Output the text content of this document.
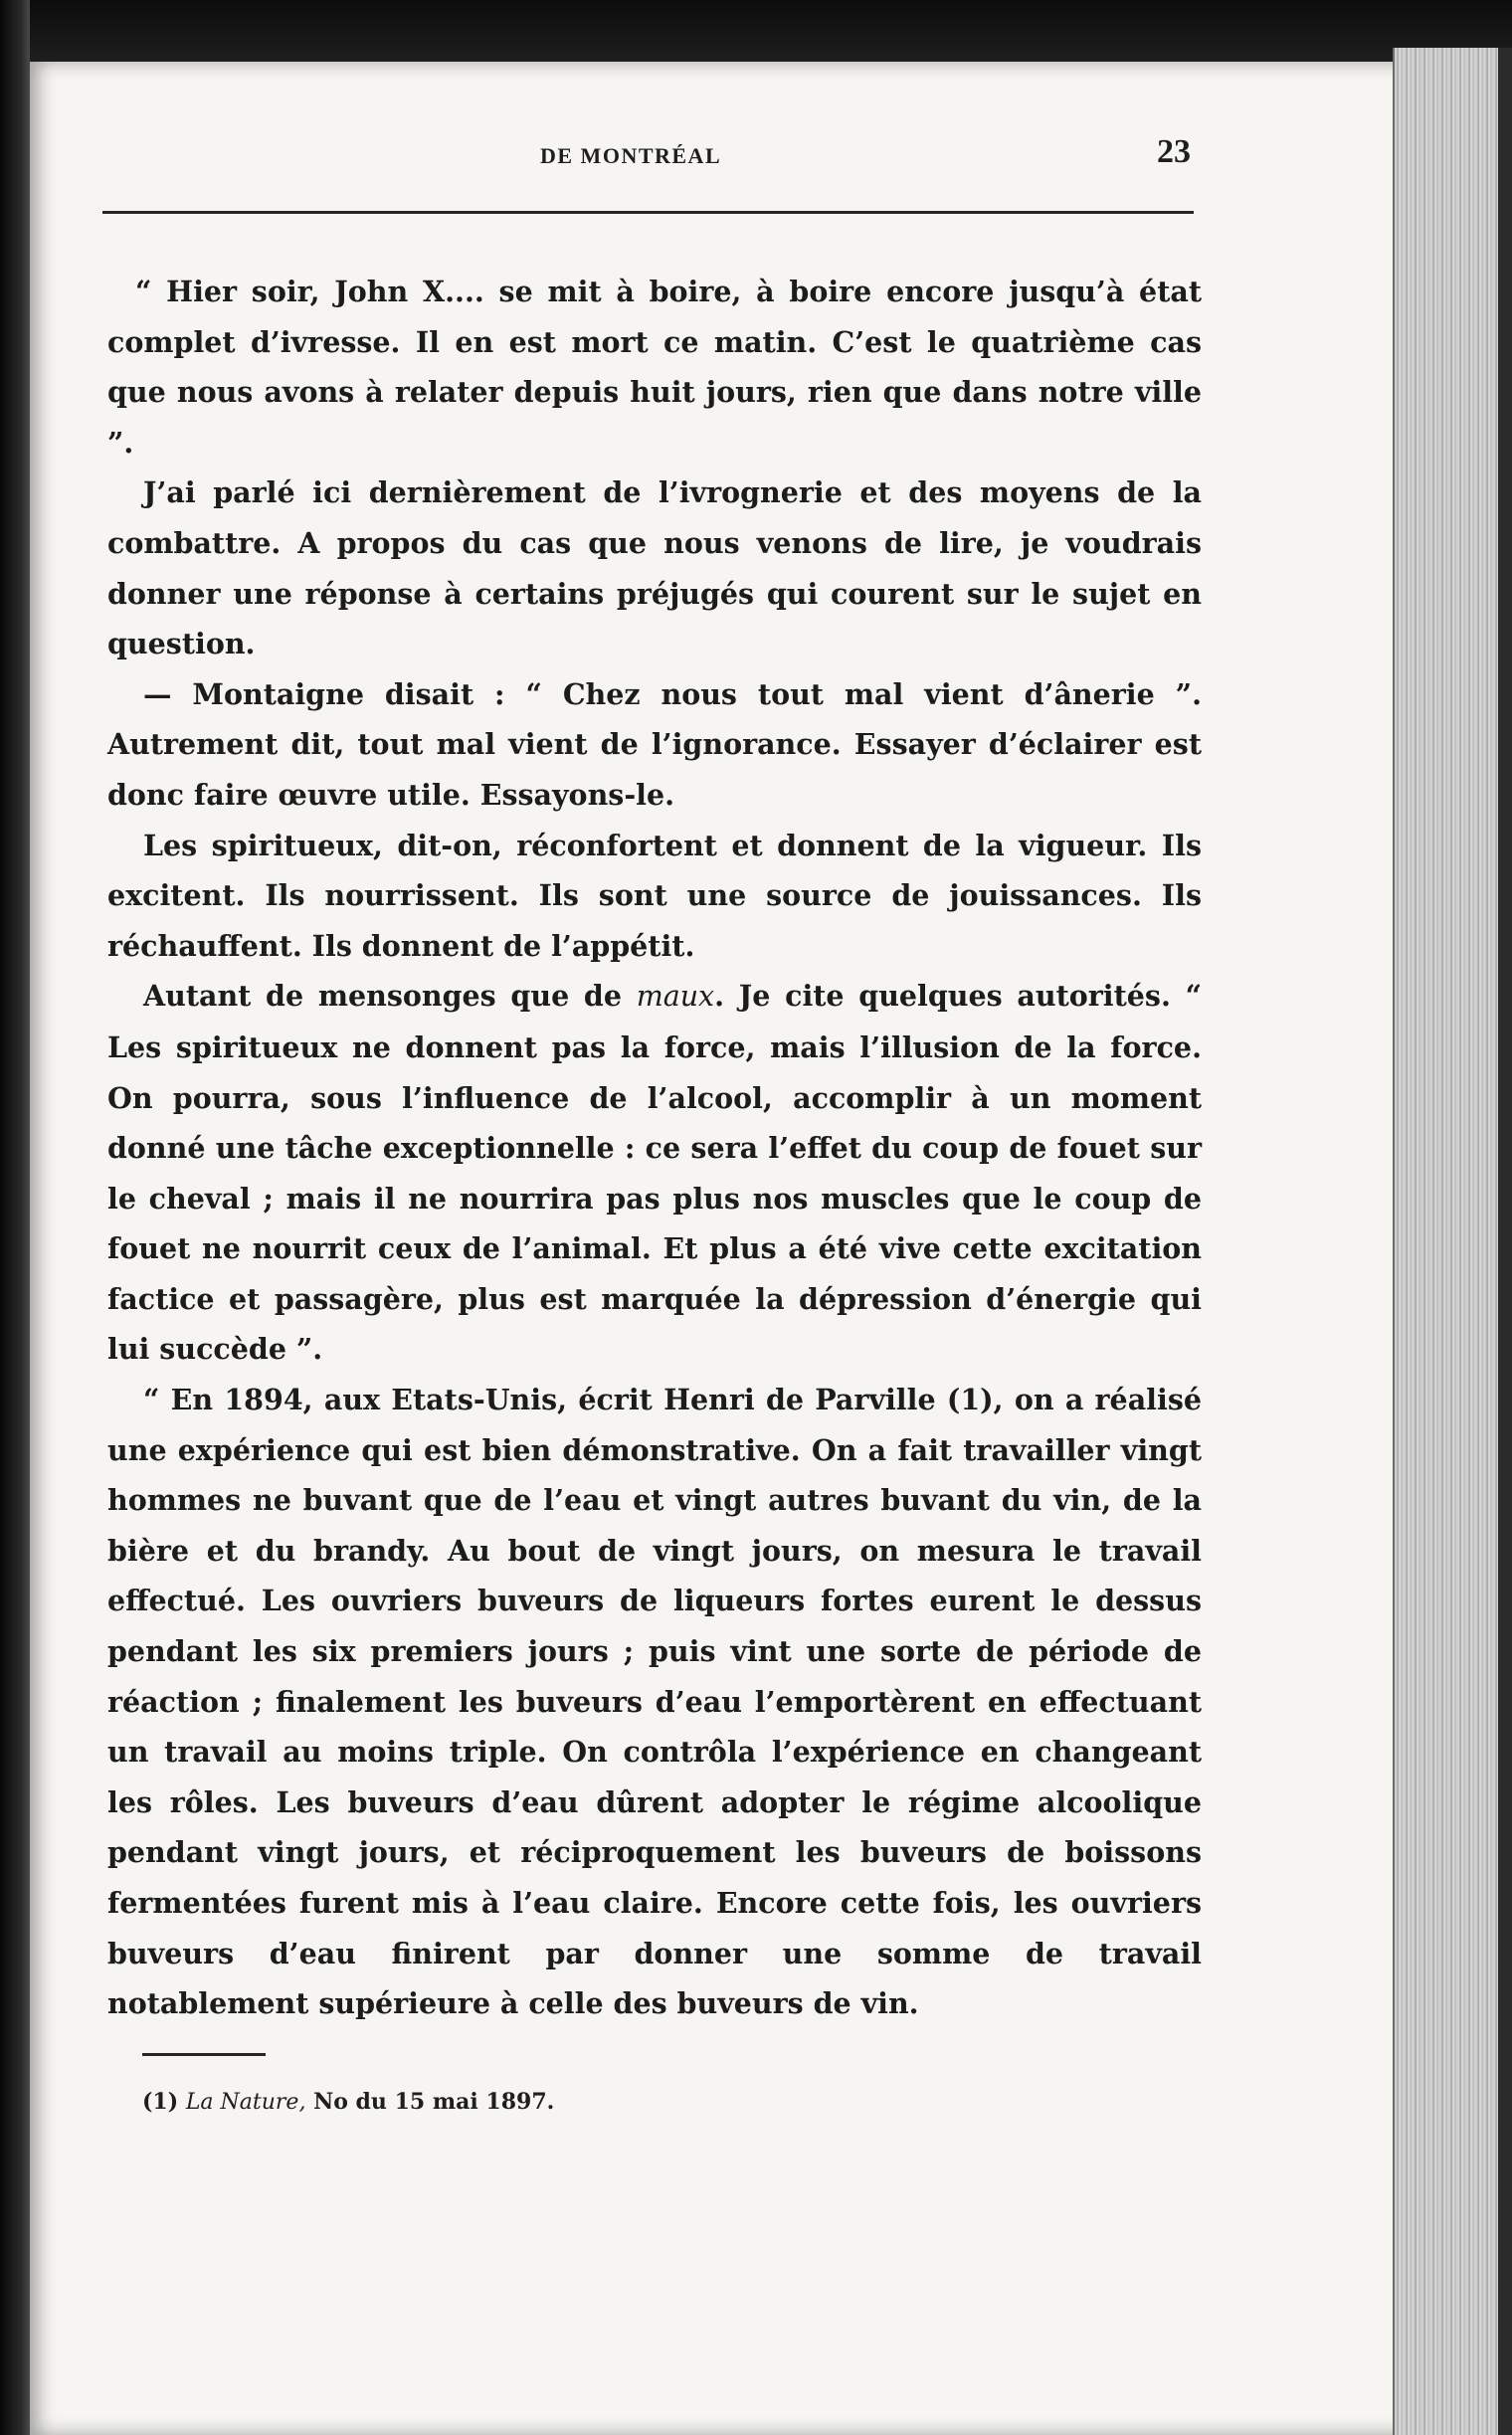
DE MONTRÉAL	23

“ Hier soir, John X.... se mit à boire, à boire encore jusqu’à état complet d’ivresse. Il en est mort ce matin. C’est le quatrième cas que nous avons à relater depuis huit jours, rien que dans notre ville ”.

J’ai parlé ici dernièrement de l’ivrognerie et des moyens de la combattre. A propos du cas que nous venons de lire, je voudrais donner une réponse à certains préjugés qui courent sur le sujet en question.

— Montaigne disait : “ Chez nous tout mal vient d’ânerie ”. Autrement dit, tout mal vient de l’ignorance. Essayer d’éclairer est donc faire œuvre utile. Essayons-le.

Les spiritueux, dit-on, réconfortent et donnent de la vigueur. Ils excitent. Ils nourrissent. Ils sont une source de jouissances. Ils réchauffent. Ils donnent de l’appétit.

Autant de mensonges que de maux. Je cite quelques autorités. “ Les spiritueux ne donnent pas la force, mais l’illusion de la force. On pourra, sous l’influence de l’alcool, accomplir à un moment donné une tâche exceptionnelle : ce sera l’effet du coup de fouet sur le cheval ; mais il ne nourrira pas plus nos muscles que le coup de fouet ne nourrit ceux de l’animal. Et plus a été vive cette excitation factice et passagère, plus est marquée la dépression d’énergie qui lui succède ”.

“ En 1894, aux Etats-Unis, écrit Henri de Parville (1), on a réalisé une expérience qui est bien démonstrative. On a fait travailler vingt hommes ne buvant que de l’eau et vingt autres buvant du vin, de la bière et du brandy. Au bout de vingt jours, on mesura le travail effectué. Les ouvriers buveurs de liqueurs fortes eurent le dessus pendant les six premiers jours ; puis vint une sorte de période de réaction ; finalement les buveurs d’eau l’emportèrent en effectuant un travail au moins triple. On contrôla l’expérience en changeant les rôles. Les buveurs d’eau dûrent adopter le régime alcoolique pendant vingt jours, et réciproquement les buveurs de boissons fermentées furent mis à l’eau claire. Encore cette fois, les ouvriers buveurs d’eau finirent par donner une somme de travail notablement supérieure à celle des buveurs de vin.

(1) La Nature, No du 15 mai 1897.
